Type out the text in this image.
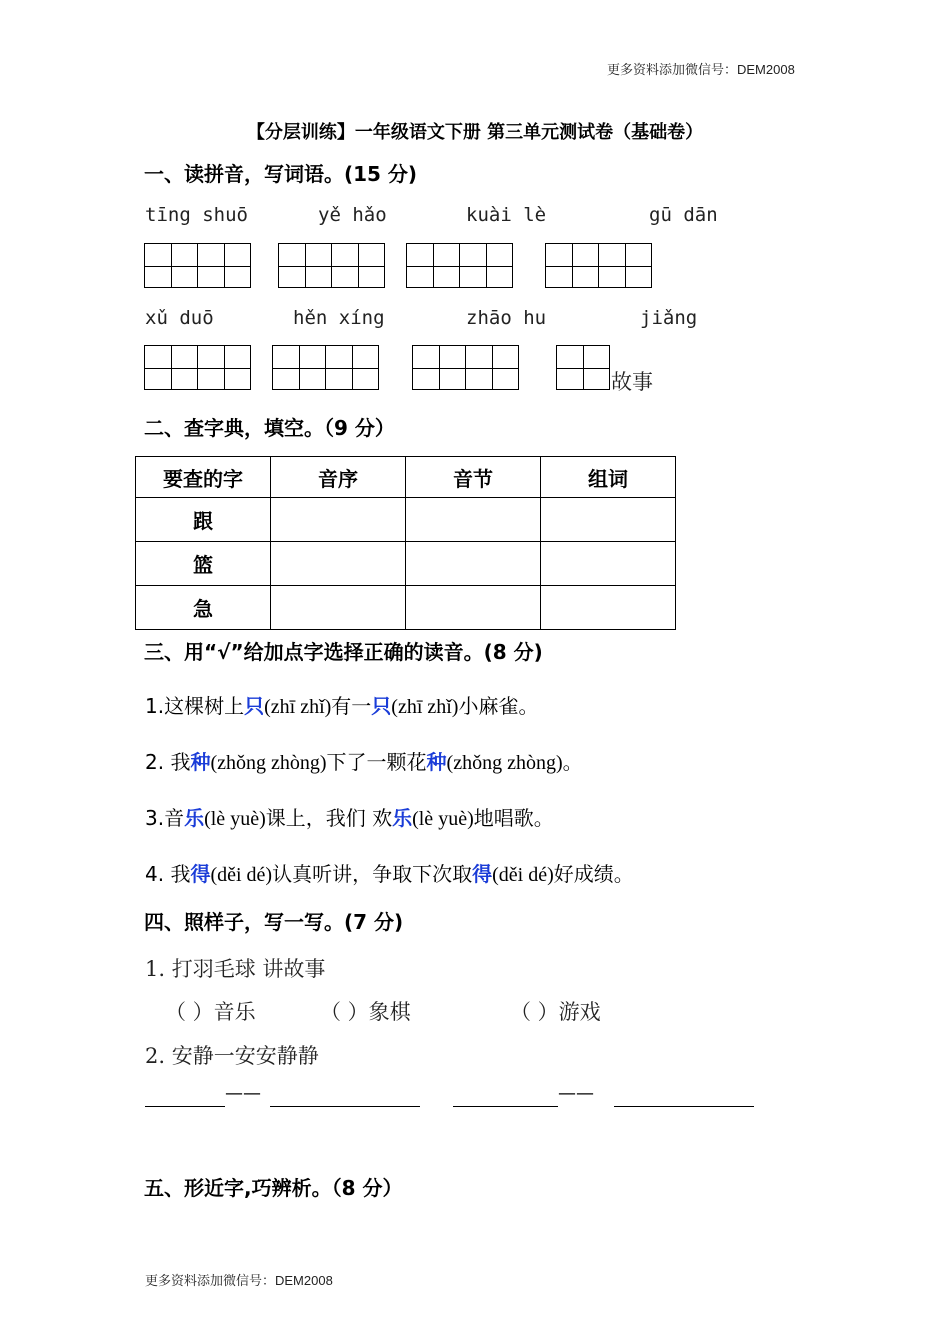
更多资料添加微信号：DEM2008
【分层训练】一年级语文下册 第三单元测试卷（基础卷）
一、读拼音，写词语。(15 分)
tīng shuō	yě hǎo	kuài lè	gū dān
xǔ duō	hěn xíng	zhāo hu	jiǎng
故事
二、查字典，填空。（9 分）
要查的字	音序	音节	组词
跟			
篮			
急			
三、用“√”给加点字选择正确的读音。(8 分)
1.这棵树上只(zhī zhǐ)有一只(zhī zhǐ)小麻雀。
2. 我种(zhǒng zhòng)下了一颗花种(zhǒng zhòng)。
3.音乐(lè yuè)课上，我们 欢乐(lè yuè)地唱歌。
4. 我得(děi dé)认真听讲，争取下次取得(děi dé)好成绩。
四、照样子，写一写。(7 分)
1. 打羽毛球 讲故事
（ ）音乐	（ ）象棋	（ ）游戏
2. 安静一安安静静
——	——
五、形近字,巧辨析。（8 分）
更多资料添加微信号：DEM2008
